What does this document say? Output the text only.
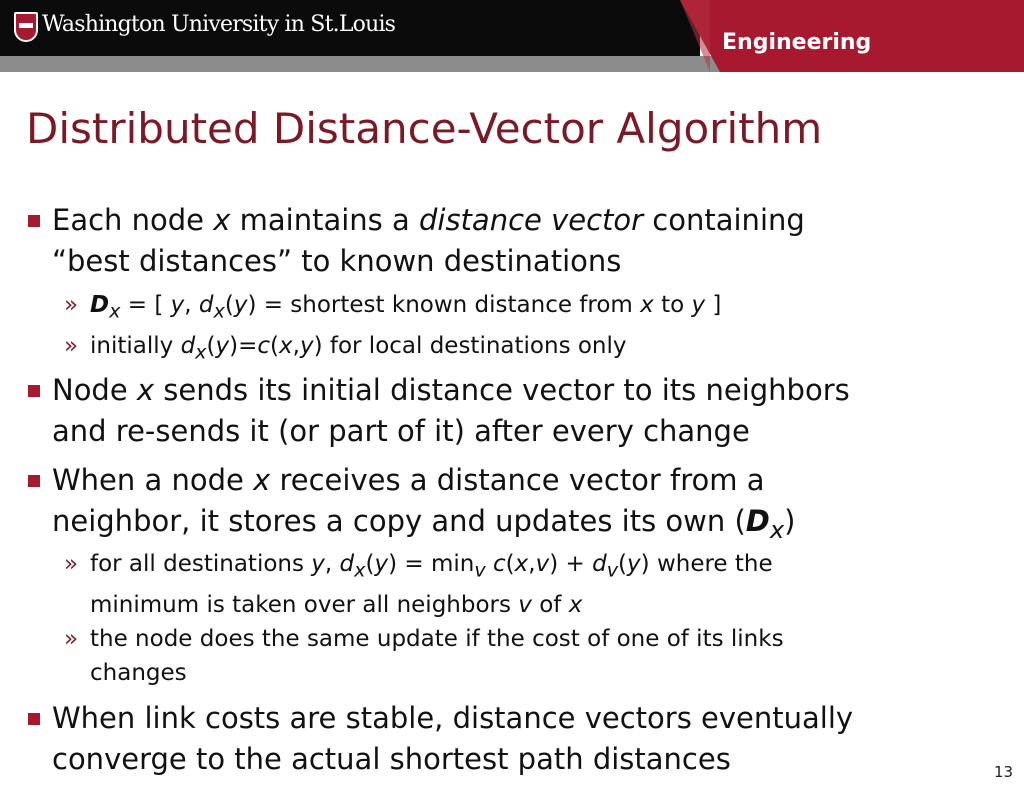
Washington University in St.Louis
Engineering
Distributed Distance-Vector Algorithm
Each node x maintains a distance vector containing
“best distances” to known destinations
» $D_x$ = [ y, $d_x(y)$ = shortest known distance from x to y ]
» initially $d_x(y)=c(x,y)$ for local destinations only
Node x sends its initial distance vector to its neighbors
and re-sends it (or part of it) after every change
When a node x receives a distance vector from a
neighbor, it stores a copy and updates its own $(D_x)$
» for all destinations y, $d_x(y) = \min_v c(x,v) + d_v(y)$ where the
minimum is taken over all neighbors v of x
» the node does the same update if the cost of one of its links
changes
When link costs are stable, distance vectors eventually
converge to the actual shortest path distances	13
